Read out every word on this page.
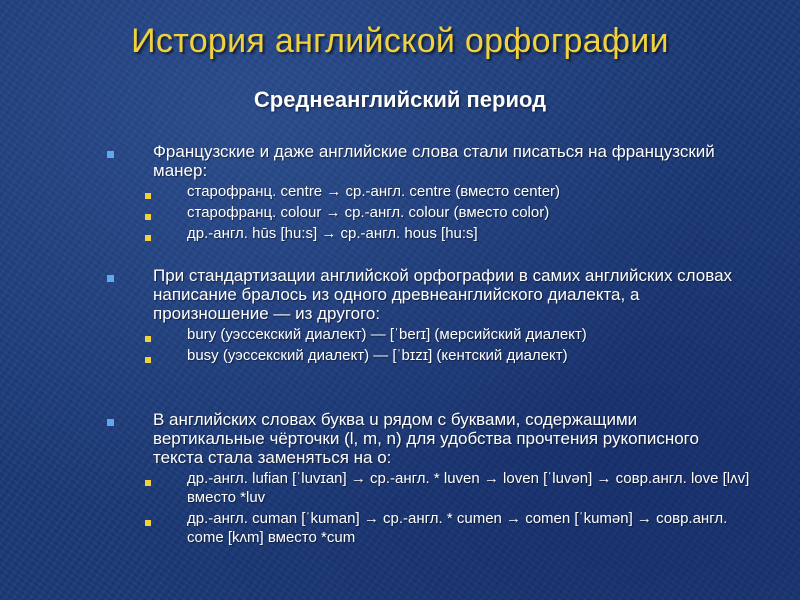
История английской орфографии
Среднеанглийский период
Французские и даже английские слова стали писаться на французский манер:
старофранц. centre → ср.-англ. centre (вместо center)
старофранц. colour → ср.-англ. colour (вместо color)
др.-англ. hūs [hu:s] → ср.-англ. hous [hu:s]
При стандартизации английской орфографии в самих английских словах написание бралось из одного древнеанглийского диалекта, а произношение — из другого:
bury (уэссекский диалект) — [ˈberɪ] (мерсийский диалект)
busy (уэссекский диалект) — [ˈbɪzɪ] (кентский диалект)
В английских словах буква u рядом с буквами, содержащими вертикальные чёрточки (l, m, n) для удобства прочтения рукописного текста стала заменяться на o:
др.-англ. lufian [ˈluvɪan] → ср.-англ. * luven → loven [ˈluvən] → совр.англ. love [lʌv] вместо *luv
др.-англ. cuman [ˈkuman] → ср.-англ. * cumen → comen [ˈkumən] → совр.англ. come [kʌm] вместо *cum
